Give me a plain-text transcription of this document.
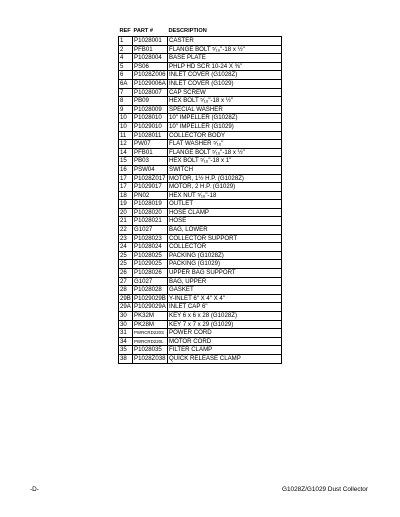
REF	PART #	DESCRIPTION
1	P1028001	CASTER
2	PFB01	FLANGE BOLT ⁵⁄₁₆"-18 x ½"
4	P1028004	BASE PLATE
5	PS06	PHLP HD SCR 10-24 X ⅜"
6	P1028Z006	INLET COVER (G1028Z)
6A	P1029006A	INLET COVER (G1029)
7	P1028007	CAP SCREW
8	PB09	HEX BOLT ⁵⁄₁₆"-18 x ½"
9	P1028009	SPECIAL WASHER
10	P1028010	10" IMPELLER (G1028Z)
10	P1029010	10" IMPELLER (G1029)
11	P1028011	COLLECTOR BODY
12	PW07	FLAT WASHER ⁵⁄₁₆"
14	PFB01	FLANGE BOLT ⁵⁄₁₆"-18 x ½"
15	PB03	HEX BOLT ⁵⁄₁₆"-18 x 1"
16	PSW04	SWITCH
17	P1028Z017	MOTOR, 1½ H.P. (G1028Z)
17	P1029017	MOTOR, 2 H.P. (G1029)
18	PN02	HEX NUT ⁵⁄₁₆"-18
19	P1028019	OUTLET
20	P1028020	HOSE CLAMP
21	P1028021	HOSE
22	G1027	BAG, LOWER
23	P1028023	COLLECTOR SUPPORT
24	P1028024	COLLECTOR
25	P1028025	PACKING (G1028Z)
25	P1029025	PACKING (G1029)
26	P1028026	UPPER BAG SUPPORT
27	G1027	BAG, UPPER
28	P1028028	GASKET
29B	P1029029B	Y-INLET 6" X 4" X 4"
29A	P1029029A	INLET CAP 6"
30	PK32M	KEY 6 x 6 x 28 (G1028Z)
30	PK28M	KEY 7 x 7 x 29 (G1029)
31	PWRCRD220S	POWER CORD
34	PWRCRD220L	MOTOR CORD
35	P1028035	FILTER CLAMP
38	P1028Z038	QUICK RELEASE CLAMP
-D-	G1028Z/G1029 Dust Collector
